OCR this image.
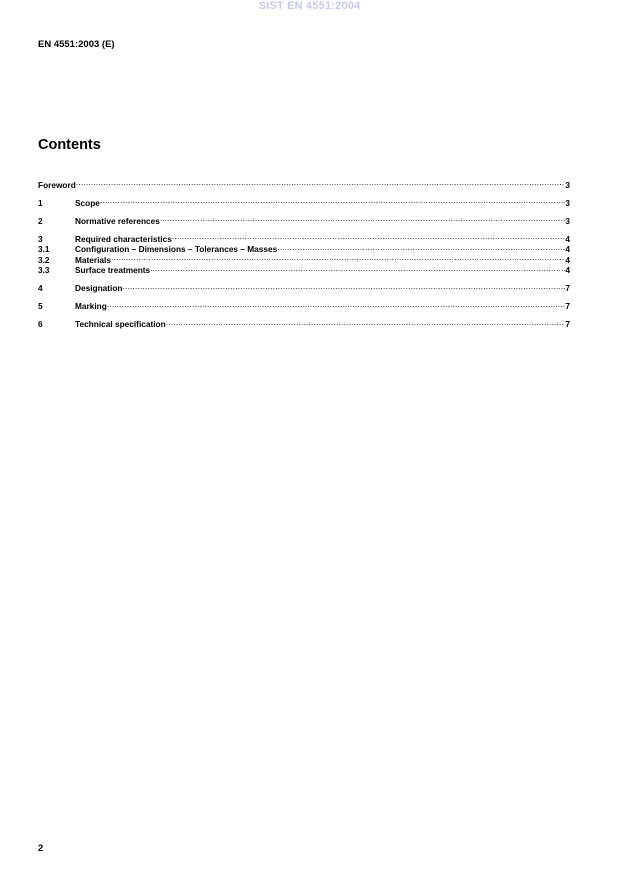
SIST EN 4551:2004
EN 4551:2003 (E)
Contents
Foreword .....	3
1	Scope .....	3
2	Normative references .....	3
3	Required characteristics .....	4
3.1	Configuration – Dimensions – Tolerances – Masses .....	4
3.2	Materials .....	4
3.3	Surface treatments .....	4
4	Designation .....	7
5	Marking .....	7
6	Technical specification .....	7
2
